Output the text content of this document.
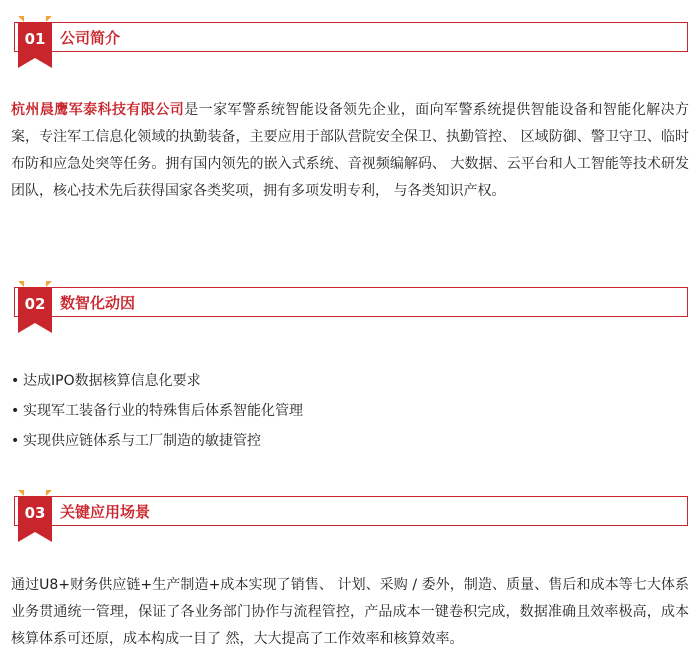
01 公司简介

杭州晨鹰军泰科技有限公司是一家军警系统智能设备领先企业，面向军警系统提供智能设备和智能化解决方案，专注军工信息化领域的执勤装备，主要应用于部队营院安全保卫、执勤管控、 区域防御、警卫守卫、临时布防和应急处突等任务。拥有国内领先的嵌入式系统、音视频编解码、 大数据、云平台和人工智能等技术研发团队，核心技术先后获得国家各类奖项，拥有多项发明专利， 与各类知识产权。

02 数智化动因
• 达成IPO数据核算信息化要求
• 实现军工装备行业的特殊售后体系智能化管理
• 实现供应链体系与工厂制造的敏捷管控
03 关键应用场景

通过U8+财务供应链+生产制造+成本实现了销售、 计划、采购 / 委外，制造、质量、售后和成本等七大体系业务贯通统一管理，保证了各业务部门协作与流程管控，产品成本一键卷积完成，数据准确且效率极高，成本核算体系可还原，成本构成一目了 然，大大提高了工作效率和核算效率。
